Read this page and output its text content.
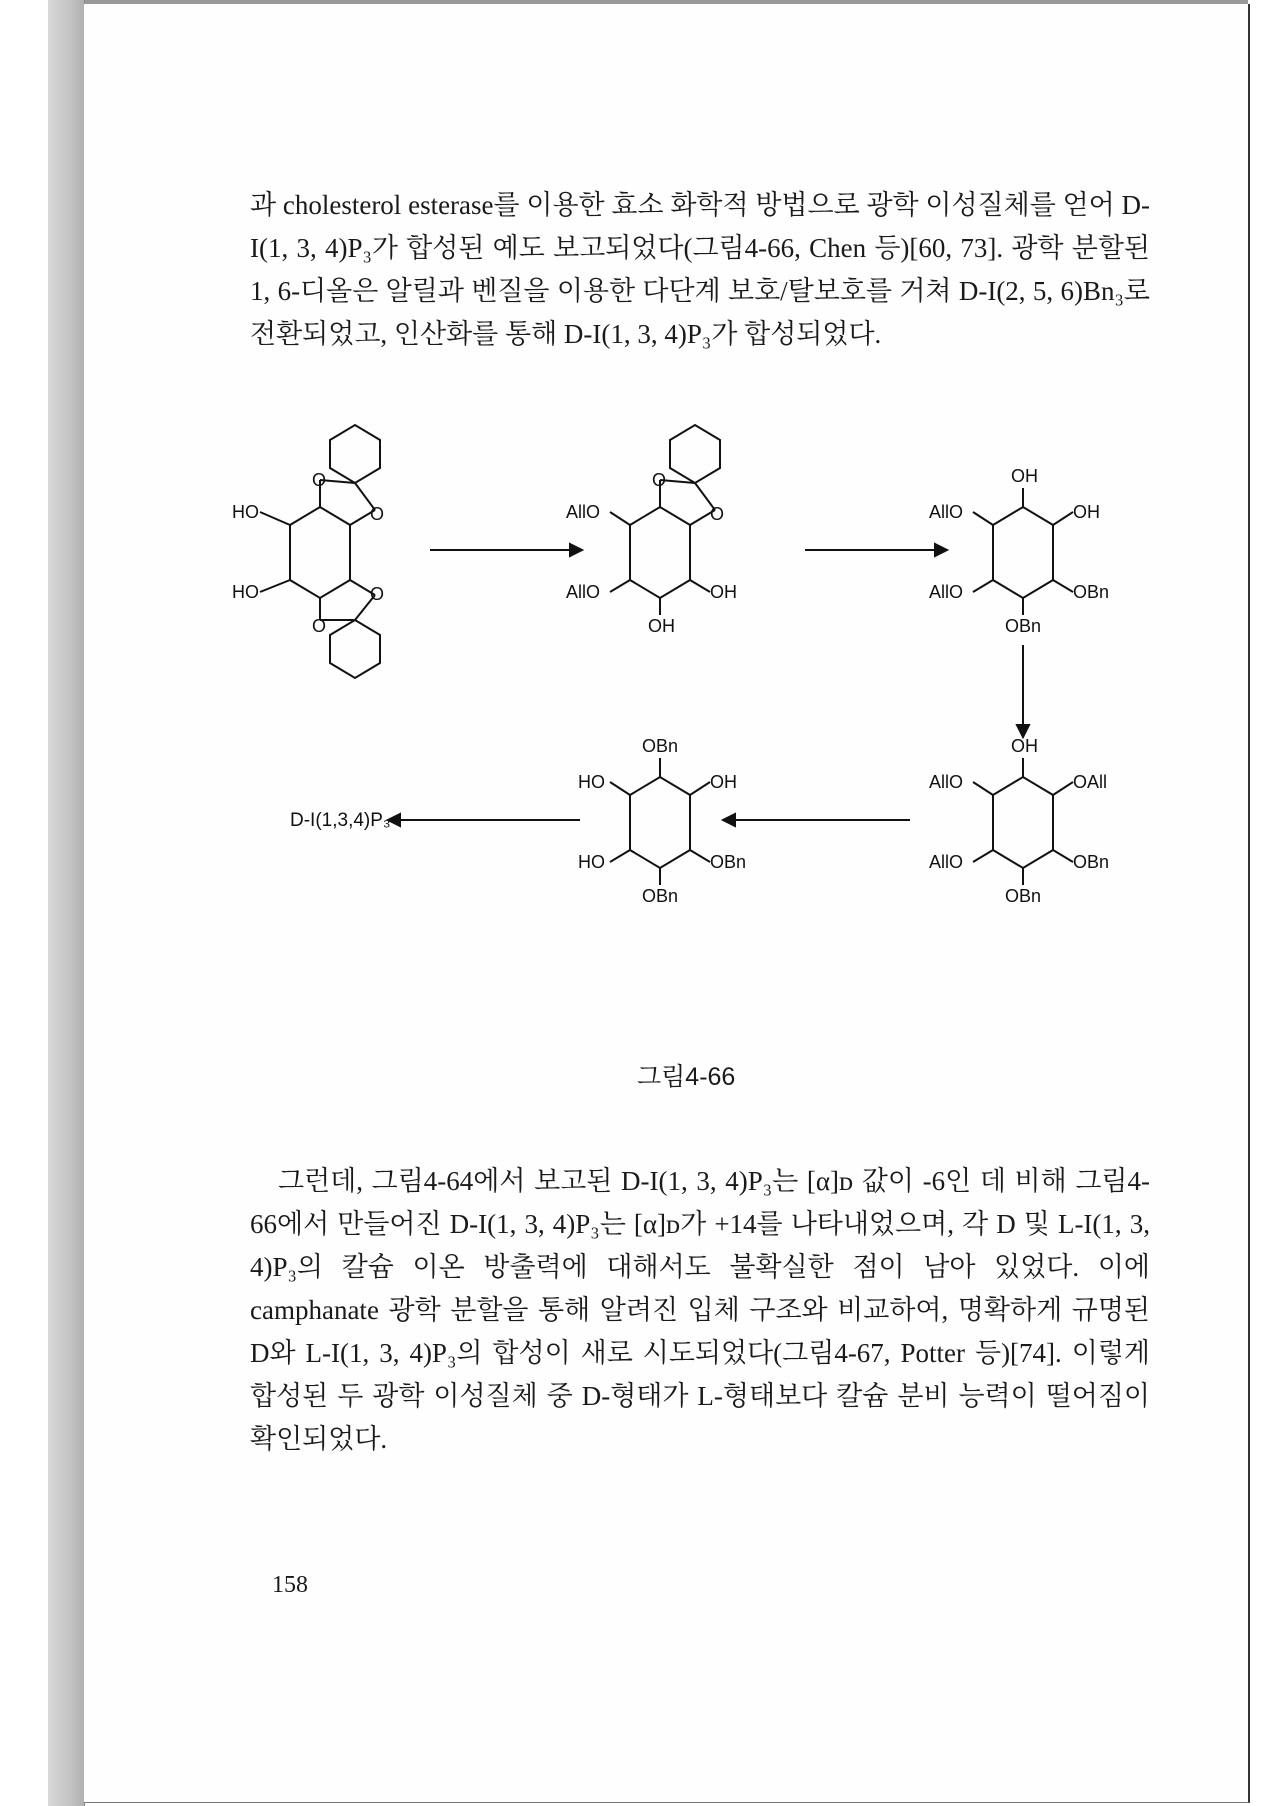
과 cholesterol esterase를 이용한 효소 화학적 방법으로 광학 이성질체를 얻어 D-I(1, 3, 4)P₃가 합성된 예도 보고되었다(그림4-66, Chen 등)[60, 73]. 광학 분할된 1, 6-디올은 알릴과 벤질을 이용한 다단계 보호/탈보호를 거쳐 D-I(2, 5, 6)Bn₃로 전환되었고, 인산화를 통해 D-I(1, 3, 4)P₃가 합성되었다.

HO
HO
O
O
O
O
AllO
AllO
O
O
OH
OH
AllO
AllO
OH
OH
OBn
OBn
AllO
AllO
OH
OAll
OBn
OBn
HO
HO
OBn
OH
OBn
OBn
D-I(1,3,4)P₃
그림4-66

그런데, 그림4-64에서 보고된 D-I(1, 3, 4)P₃는 [α]ᴅ 값이 -6인 데 비해 그림4-66에서 만들어진 D-I(1, 3, 4)P₃는 [α]ᴅ가 +14를 나타내었으며, 각 D 및 L-I(1, 3, 4)P₃의 칼슘 이온 방출력에 대해서도 불확실한 점이 남아 있었다. 이에 camphanate 광학 분할을 통해 알려진 입체 구조와 비교하여, 명확하게 규명된 D와 L-I(1, 3, 4)P₃의 합성이 새로 시도되었다(그림4-67, Potter 등)[74]. 이렇게 합성된 두 광학 이성질체 중 D-형태가 L-형태보다 칼슘 분비 능력이 떨어짐이 확인되었다.

158
